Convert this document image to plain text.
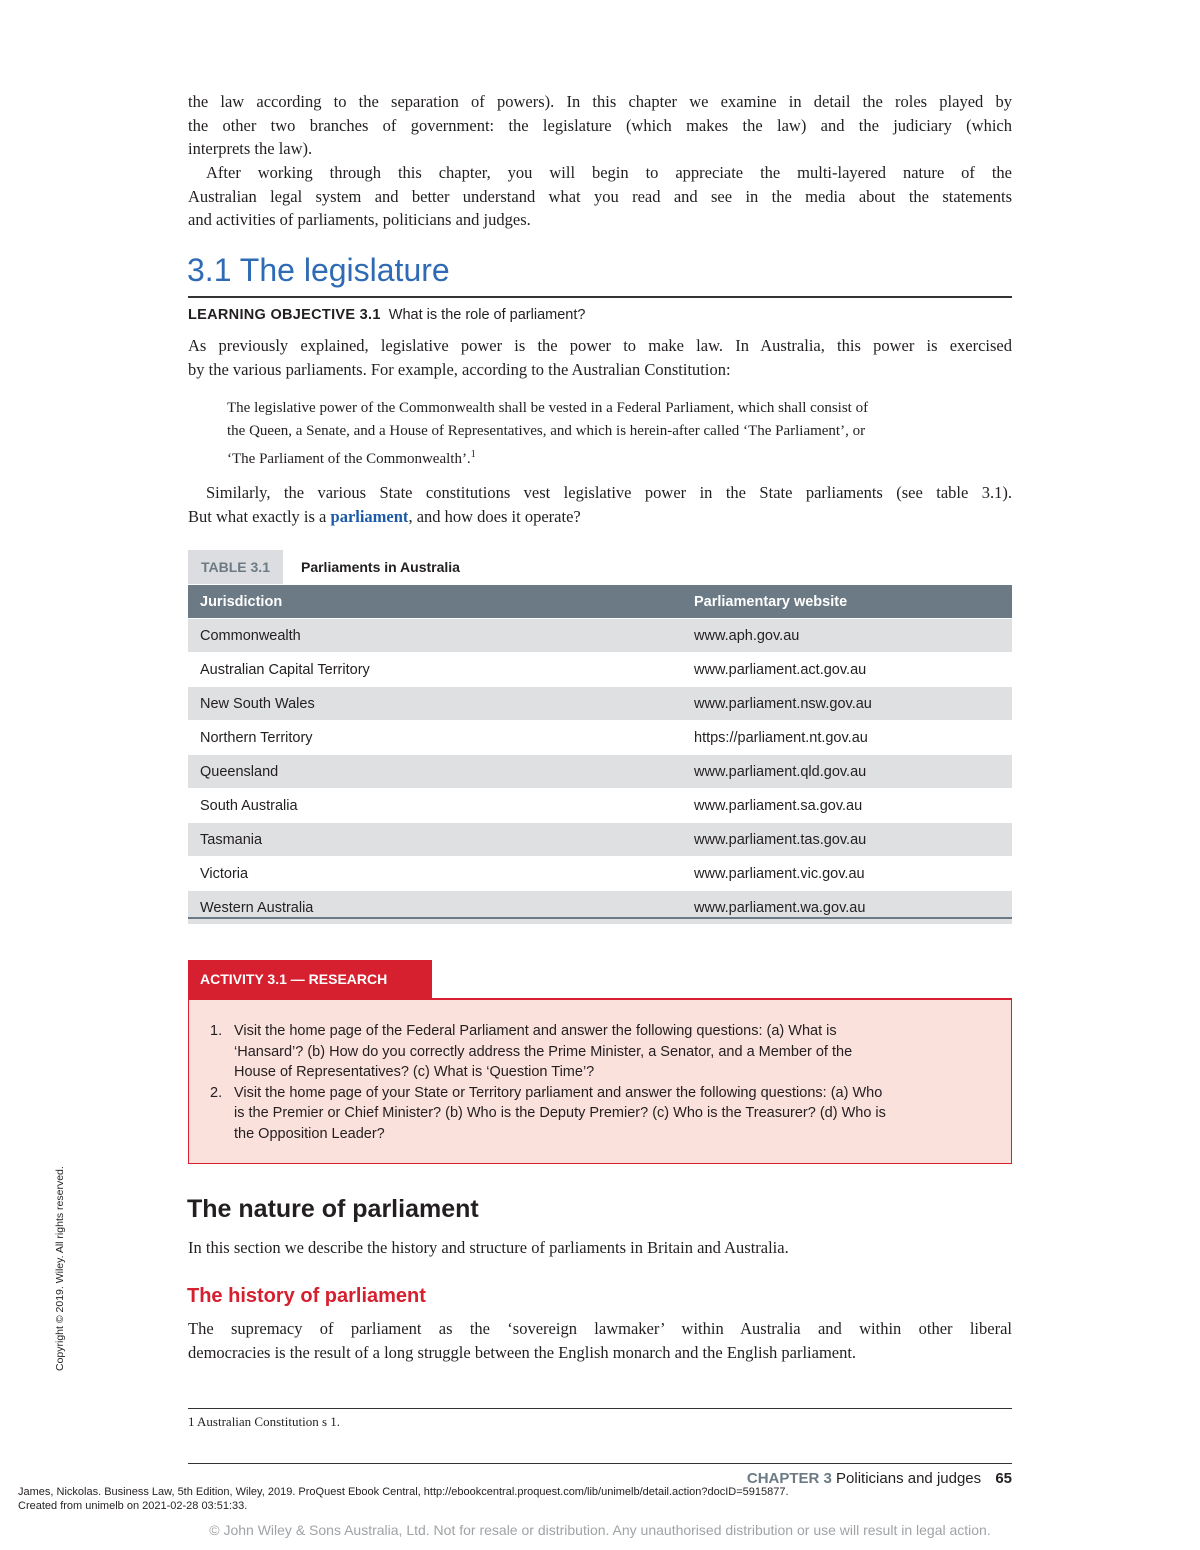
the law according to the separation of powers). In this chapter we examine in detail the roles played by
the other two branches of government: the legislature (which makes the law) and the judiciary (which
interprets the law).
After working through this chapter, you will begin to appreciate the multi-layered nature of the
Australian legal system and better understand what you read and see in the media about the statements
and activities of parliaments, politicians and judges.
3.1 The legislature
LEARNING OBJECTIVE 3.1 What is the role of parliament?
As previously explained, legislative power is the power to make law. In Australia, this power is exercised
by the various parliaments. For example, according to the Australian Constitution:
The legislative power of the Commonwealth shall be vested in a Federal Parliament, which shall consist of
the Queen, a Senate, and a House of Representatives, and which is herein-after called ‘The Parliament’, or
‘The Parliament of the Commonwealth’.$^1$
Similarly, the various State constitutions vest legislative power in the State parliaments (see table 3.1).
But what exactly is a parliament, and how does it operate?
TABLE 3.1	Parliaments in Australia
Jurisdiction	Parliamentary website
Commonwealth	www.aph.gov.au
Australian Capital Territory	www.parliament.act.gov.au
New South Wales	www.parliament.nsw.gov.au
Northern Territory	https://parliament.nt.gov.au
Queensland	www.parliament.qld.gov.au
South Australia	www.parliament.sa.gov.au
Tasmania	www.parliament.tas.gov.au
Victoria	www.parliament.vic.gov.au
Western Australia	www.parliament.wa.gov.au
ACTIVITY 3.1 — RESEARCH
1. Visit the home page of the Federal Parliament and answer the following questions: (a) What is
‘Hansard’? (b) How do you correctly address the Prime Minister, a Senator, and a Member of the
House of Representatives? (c) What is ‘Question Time’?
2. Visit the home page of your State or Territory parliament and answer the following questions: (a) Who
is the Premier or Chief Minister? (b) Who is the Deputy Premier? (c) Who is the Treasurer? (d) Who is
the Opposition Leader?
The nature of parliament
In this section we describe the history and structure of parliaments in Britain and Australia.
The history of parliament
The supremacy of parliament as the ‘sovereign lawmaker’ within Australia and within other liberal
democracies is the result of a long struggle between the English monarch and the English parliament.
1 Australian Constitution s 1.
CHAPTER 3 Politicians and judges 65
James, Nickolas. Business Law, 5th Edition, Wiley, 2019. ProQuest Ebook Central, http://ebookcentral.proquest.com/lib/unimelb/detail.action?docID=5915877.
Created from unimelb on 2021-02-28 03:51:33.
Copyright © 2019. Wiley. All rights reserved.
© John Wiley & Sons Australia, Ltd. Not for resale or distribution. Any unauthorised distribution or use will result in legal action.
